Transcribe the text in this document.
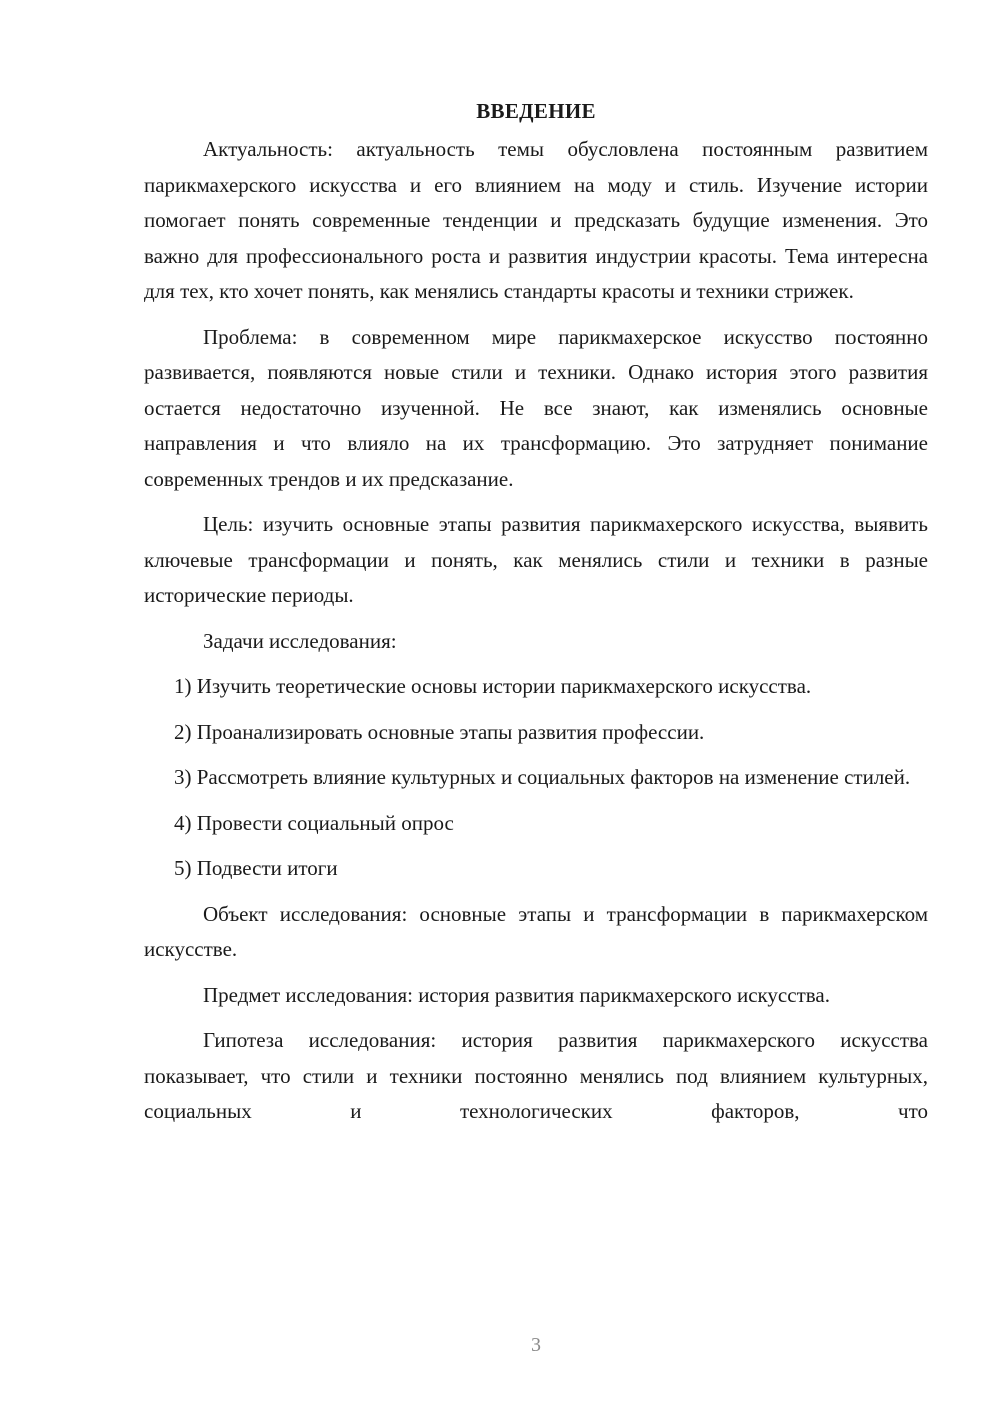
ВВЕДЕНИЕ

Актуальность: актуальность темы обусловлена постоянным развитием парикмахерского искусства и его влиянием на моду и стиль. Изучение истории помогает понять современные тенденции и предсказать будущие изменения. Это важно для профессионального роста и развития индустрии красоты. Тема интересна для тех, кто хочет понять, как менялись стандарты красоты и техники стрижек.

Проблема: в современном мире парикмахерское искусство постоянно развивается, появляются новые стили и техники. Однако история этого развития остается недостаточно изученной. Не все знают, как изменялись основные направления и что влияло на их трансформацию. Это затрудняет понимание современных трендов и их предсказание.

Цель: изучить основные этапы развития парикмахерского искусства, выявить ключевые трансформации и понять, как менялись стили и техники в разные исторические периоды.

Задачи исследования:

1) Изучить теоретические основы истории парикмахерского искусства.

2) Проанализировать основные этапы развития профессии.

3) Рассмотреть влияние культурных и социальных факторов на изменение стилей.

4) Провести социальный опрос

5) Подвести итоги

Объект исследования: основные этапы и трансформации в парикмахерском искусстве.

Предмет исследования: история развития парикмахерского искусства.

Гипотеза исследования: история развития парикмахерского искусства показывает, что стили и техники постоянно менялись под влиянием культурных, социальных и технологических факторов, что

3
